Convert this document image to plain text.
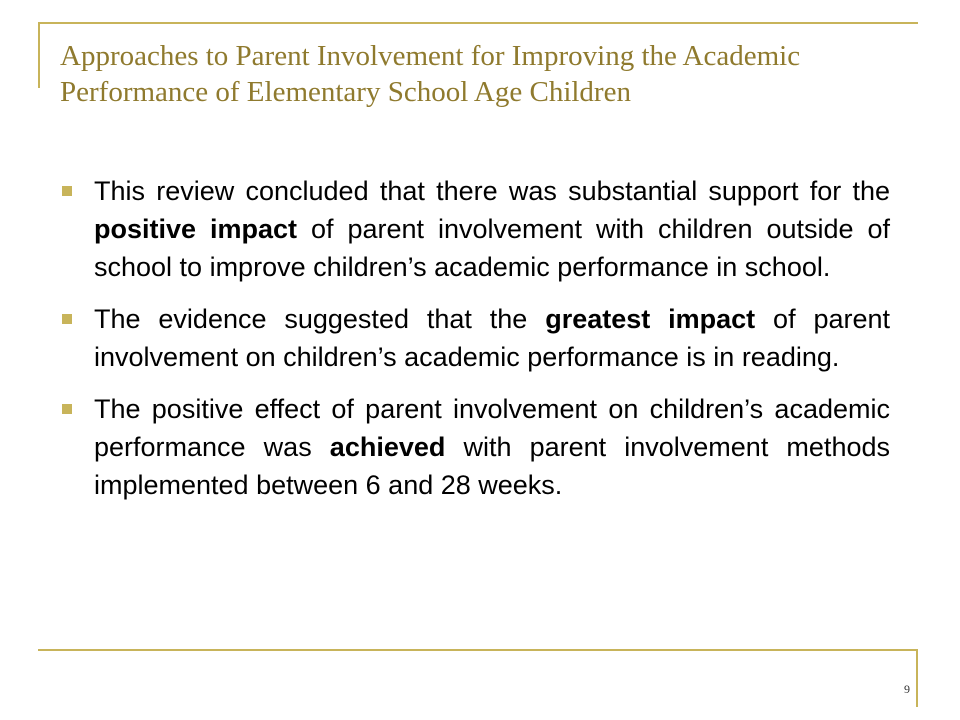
Approaches to Parent Involvement for Improving the Academic Performance of Elementary School Age Children
This review concluded that there was substantial support for the positive impact of parent involvement with children outside of school to improve children’s academic performance in school.
The evidence suggested that the greatest impact of parent involvement on children’s academic performance is in reading.
The positive effect of parent involvement on children’s academic performance was achieved with parent involvement methods implemented between 6 and 28 weeks.
9
